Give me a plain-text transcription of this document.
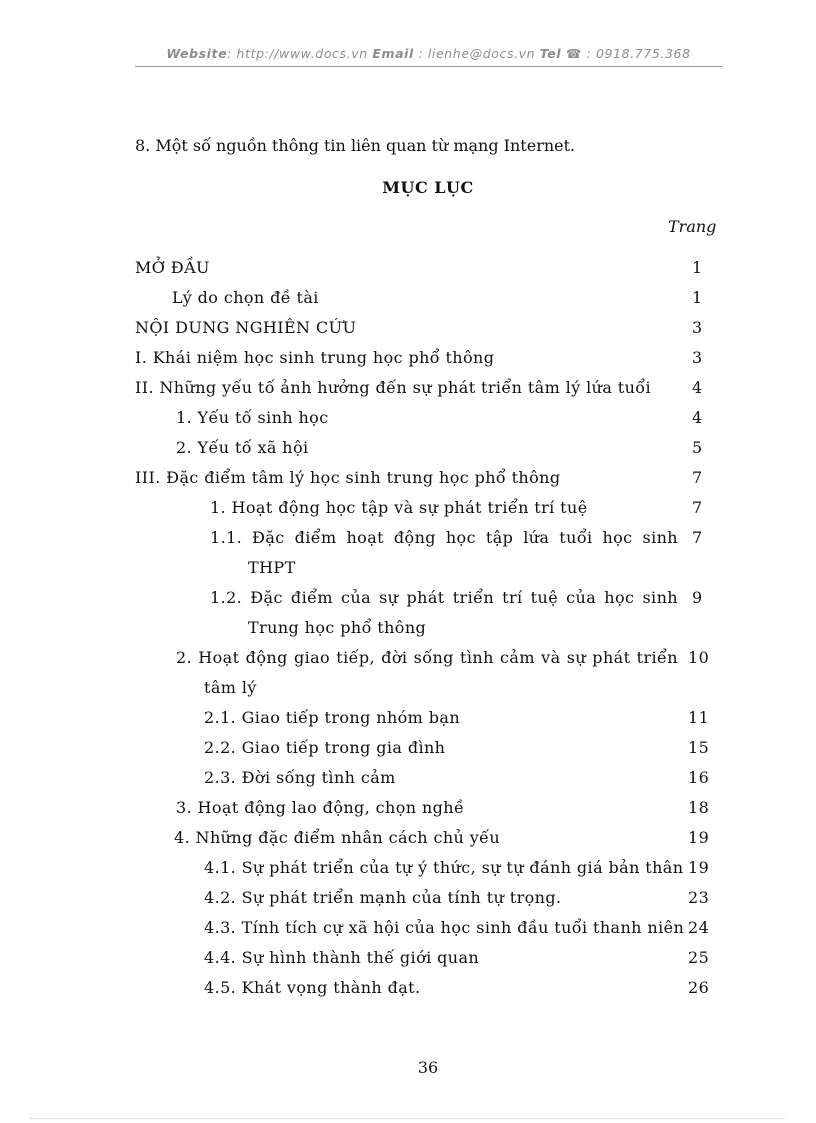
Website: http://www.docs.vn Email : lienhe@docs.vn Tel ☎ : 0918.775.368
8. Một số nguồn thông tin liên quan từ mạng Internet.
MỤC LỤC
Trang
MỞ ĐẦU	1
Lý do chọn đề tài	1
NỘI DUNG NGHIÊN CỨU	3
I. Khái niệm học sinh trung học phổ thông	3
II. Những yếu tố ảnh hưởng đến sự phát triển tâm lý lứa tuổi	4
1. Yếu tố sinh học	4
2. Yếu tố xã hội	5
III. Đặc điểm tâm lý học sinh trung học phổ thông	7
1. Hoạt động học tập và sự phát triển trí tuệ	7
1.1. Đặc điểm hoạt động học tập lứa tuổi học sinh 7
THPT
1.2. Đặc điểm của sự phát triển trí tuệ của học sinh 9
Trung học phổ thông
2. Hoạt động giao tiếp, đời sống tình cảm và sự phát triển 10
tâm lý
2.1. Giao tiếp trong nhóm bạn	11
2.2. Giao tiếp trong gia đình	15
2.3. Đời sống tình cảm	16
3. Hoạt động lao động, chọn nghề	18
4. Những đặc điểm nhân cách chủ yếu	19
4.1. Sự phát triển của tự ý thức, sự tự đánh giá bản thân 19
4.2. Sự phát triển mạnh của tính tự trọng.	23
4.3. Tính tích cự xã hội của học sinh đầu tuổi thanh niên 24
4.4. Sự hình thành thế giới quan	25
4.5. Khát vọng thành đạt.	26
36
